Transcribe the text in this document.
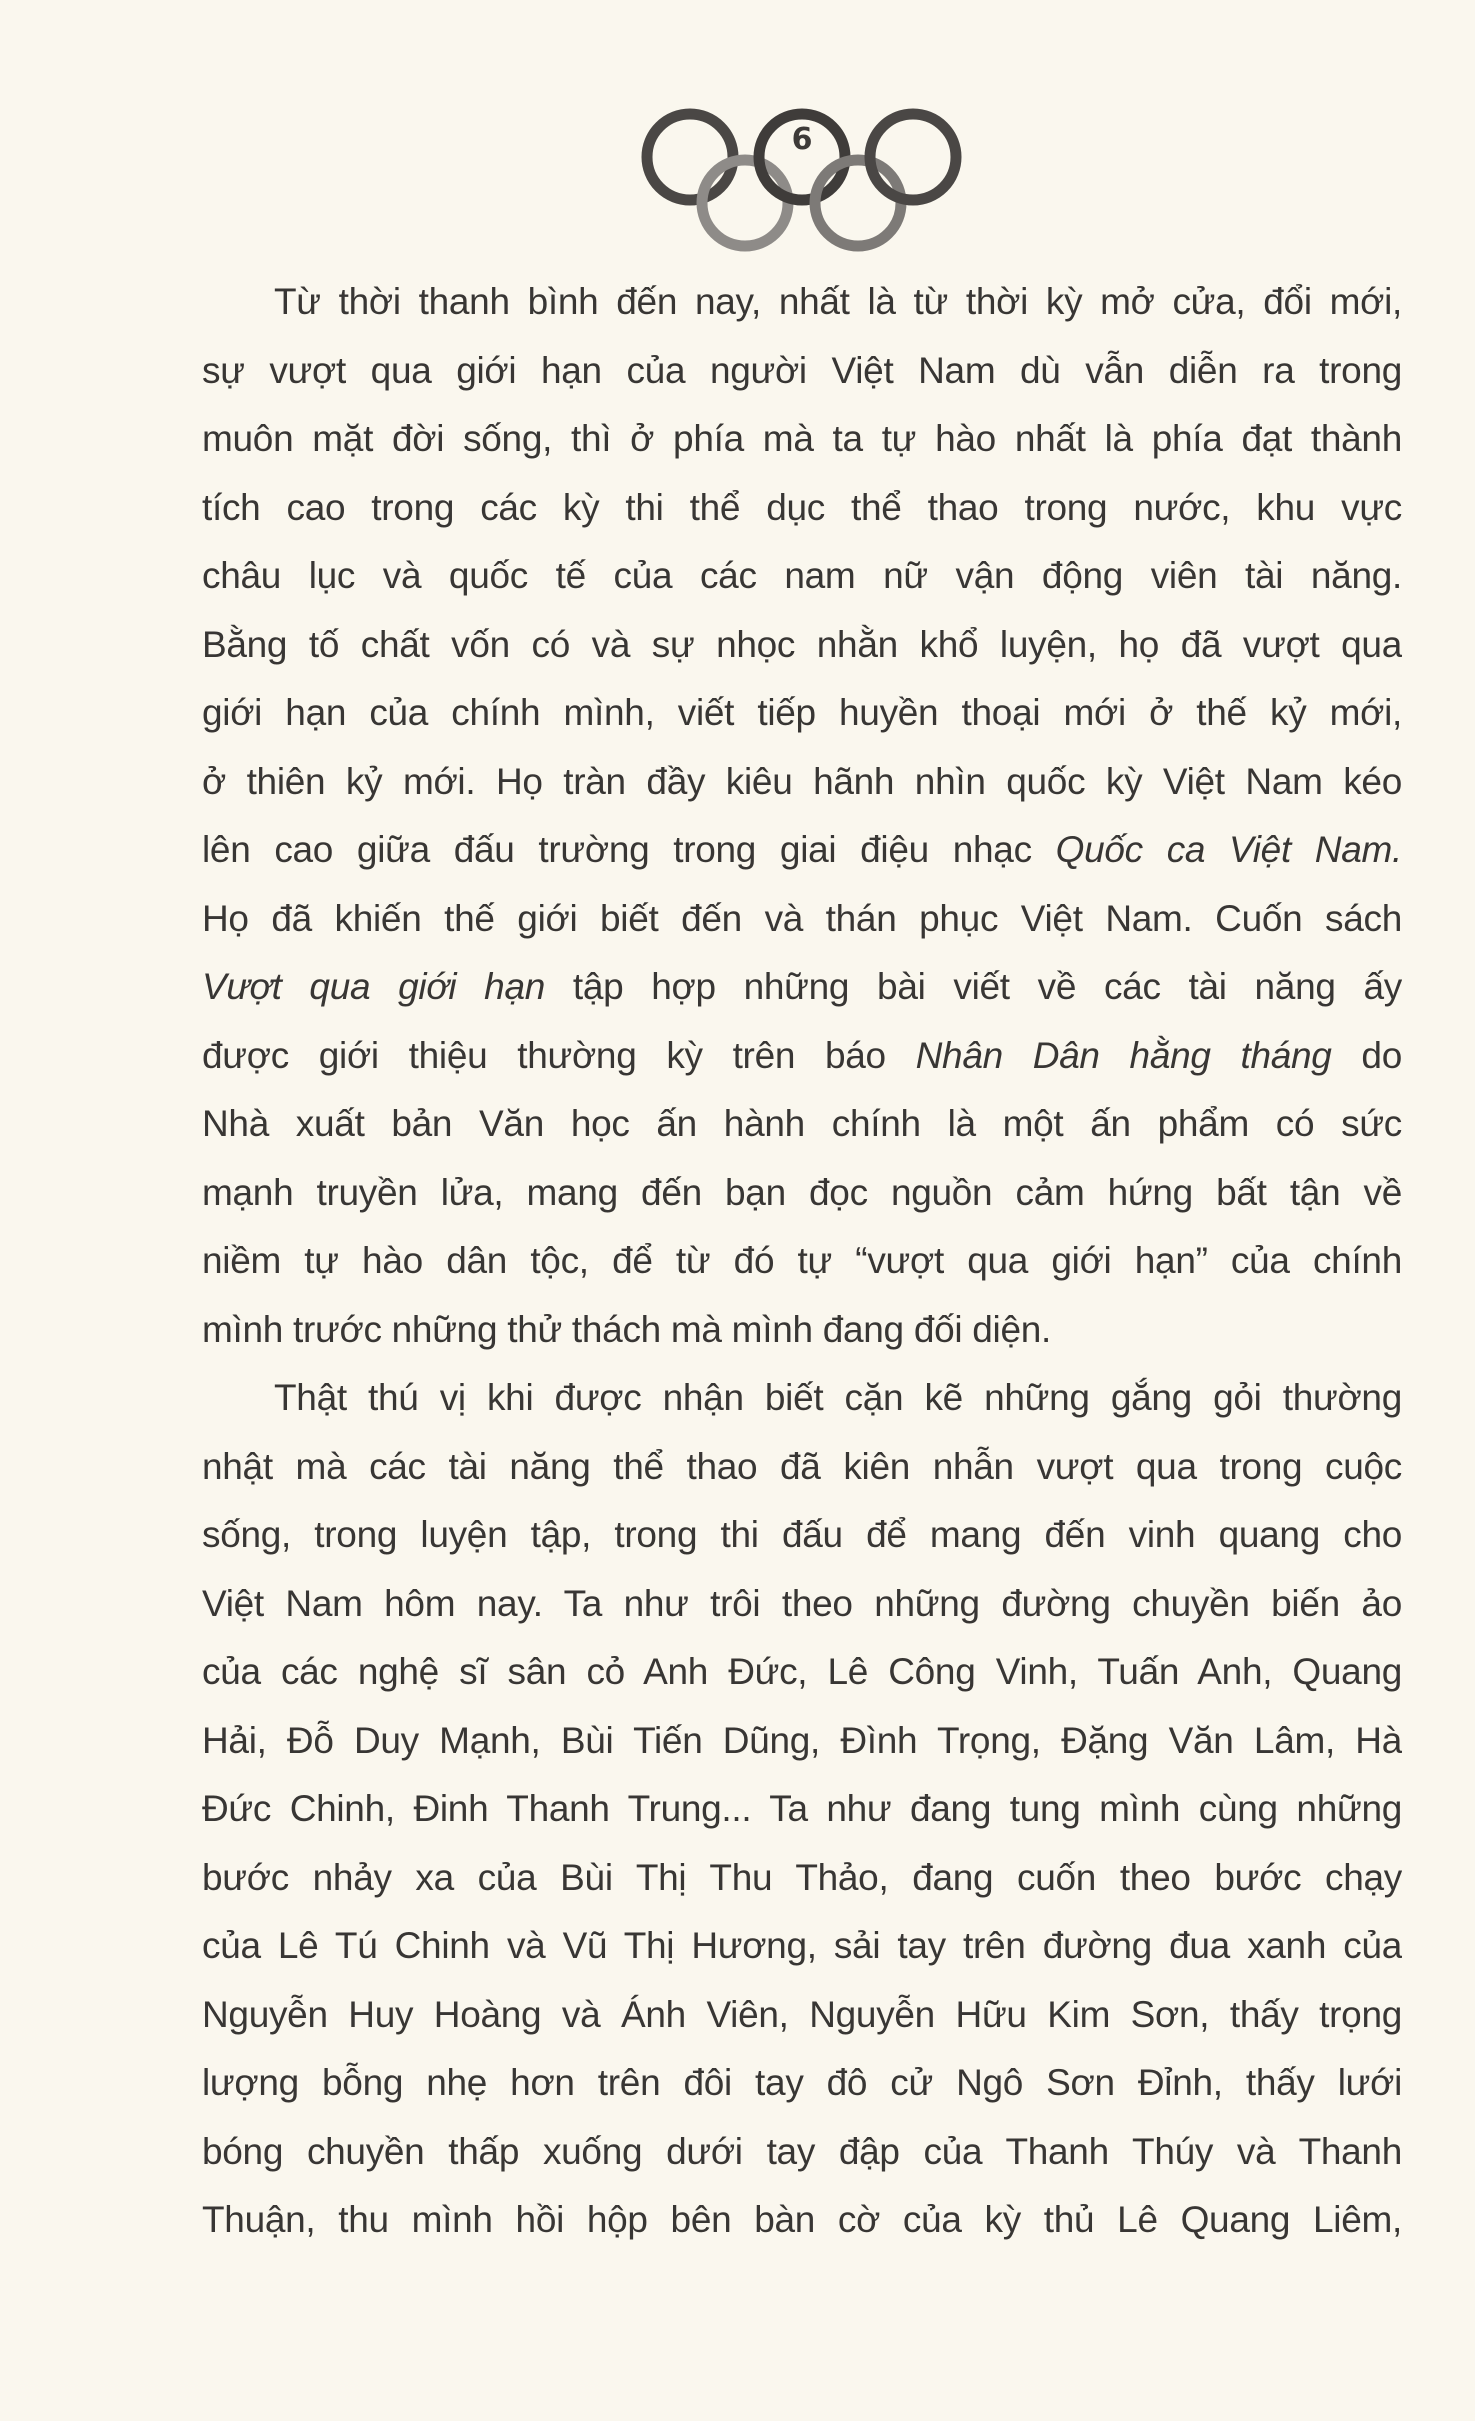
6
Từ thời thanh bình đến nay, nhất là từ thời kỳ mở cửa, đổi mới,
sự vượt qua giới hạn của người Việt Nam dù vẫn diễn ra trong
muôn mặt đời sống, thì ở phía mà ta tự hào nhất là phía đạt thành
tích cao trong các kỳ thi thể dục thể thao trong nước, khu vực
châu lục và quốc tế của các nam nữ vận động viên tài năng.
Bằng tố chất vốn có và sự nhọc nhằn khổ luyện, họ đã vượt qua
giới hạn của chính mình, viết tiếp huyền thoại mới ở thế kỷ mới,
ở thiên kỷ mới. Họ tràn đầy kiêu hãnh nhìn quốc kỳ Việt Nam kéo
lên cao giữa đấu trường trong giai điệu nhạc Quốc ca Việt Nam.
Họ đã khiến thế giới biết đến và thán phục Việt Nam. Cuốn sách
Vượt qua giới hạn tập hợp những bài viết về các tài năng ấy
được giới thiệu thường kỳ trên báo Nhân Dân hằng tháng do
Nhà xuất bản Văn học ấn hành chính là một ấn phẩm có sức
mạnh truyền lửa, mang đến bạn đọc nguồn cảm hứng bất tận về
niềm tự hào dân tộc, để từ đó tự “vượt qua giới hạn” của chính
mình trước những thử thách mà mình đang đối diện.
Thật thú vị khi được nhận biết cặn kẽ những gắng gỏi thường
nhật mà các tài năng thể thao đã kiên nhẫn vượt qua trong cuộc
sống, trong luyện tập, trong thi đấu để mang đến vinh quang cho
Việt Nam hôm nay. Ta như trôi theo những đường chuyền biến ảo
của các nghệ sĩ sân cỏ Anh Đức, Lê Công Vinh, Tuấn Anh, Quang
Hải, Đỗ Duy Mạnh, Bùi Tiến Dũng, Đình Trọng, Đặng Văn Lâm, Hà
Đức Chinh, Đinh Thanh Trung... Ta như đang tung mình cùng những
bước nhảy xa của Bùi Thị Thu Thảo, đang cuốn theo bước chạy
của Lê Tú Chinh và Vũ Thị Hương, sải tay trên đường đua xanh của
Nguyễn Huy Hoàng và Ánh Viên, Nguyễn Hữu Kim Sơn, thấy trọng
lượng bỗng nhẹ hơn trên đôi tay đô cử Ngô Sơn Đỉnh, thấy lưới
bóng chuyền thấp xuống dưới tay đập của Thanh Thúy và Thanh
Thuận, thu mình hồi hộp bên bàn cờ của kỳ thủ Lê Quang Liêm,
